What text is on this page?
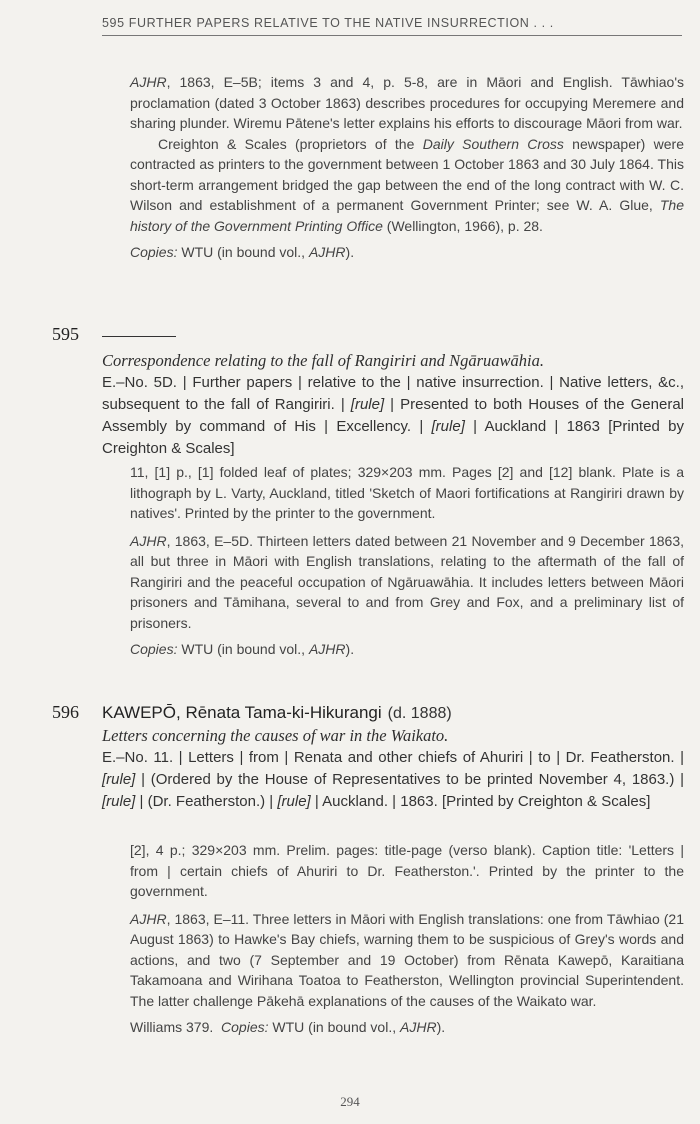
595 FURTHER PAPERS RELATIVE TO THE NATIVE INSURRECTION . . .

AJHR, 1863, E–5B; items 3 and 4, p. 5-8, are in Māori and English. Tāwhiao's proclamation (dated 3 October 1863) describes procedures for occupying Meremere and sharing plunder. Wiremu Pātene's letter explains his efforts to discourage Māori from war.

Creighton & Scales (proprietors of the Daily Southern Cross newspaper) were contracted as printers to the government between 1 October 1863 and 30 July 1864. This short-term arrangement bridged the gap between the end of the long contract with W. C. Wilson and establishment of a permanent Government Printer; see W. A. Glue, The history of the Government Printing Office (Wellington, 1966), p. 28.

Copies: WTU (in bound vol., AJHR).

595

Correspondence relating to the fall of Rangiriri and Ngāruawāhia.

E.–No. 5D. | Further papers | relative to the | native insurrection. | Native letters, &c., subsequent to the fall of Rangiriri. | [rule] | Presented to both Houses of the General Assembly by command of His | Excellency. | [rule] | Auckland | 1863 [Printed by Creighton & Scales]

11, [1] p., [1] folded leaf of plates; 329×203 mm. Pages [2] and [12] blank. Plate is a lithograph by L. Varty, Auckland, titled 'Sketch of Maori fortifications at Rangiriri drawn by natives'. Printed by the printer to the government.

AJHR, 1863, E–5D. Thirteen letters dated between 21 November and 9 December 1863, all but three in Māori with English translations, relating to the aftermath of the fall of Rangiriri and the peaceful occupation of Ngāruawāhia. It includes letters between Māori prisoners and Tāmihana, several to and from Grey and Fox, and a preliminary list of prisoners.

Copies: WTU (in bound vol., AJHR).

596 KAWEPŌ, Rēnata Tama-ki-Hikurangi (d. 1888)

Letters concerning the causes of war in the Waikato.

E.–No. 11. | Letters | from | Renata and other chiefs of Ahuriri | to | Dr. Featherston. | [rule] | (Ordered by the House of Representatives to be printed November 4, 1863.) | [rule] | (Dr. Featherston.) | [rule] | Auckland. | 1863. [Printed by Creighton & Scales]

[2], 4 p.; 329×203 mm. Prelim. pages: title-page (verso blank). Caption title: 'Letters | from | certain chiefs of Ahuriri to Dr. Featherston.'. Printed by the printer to the government.

AJHR, 1863, E–11. Three letters in Māori with English translations: one from Tāwhiao (21 August 1863) to Hawke's Bay chiefs, warning them to be suspicious of Grey's words and actions, and two (7 September and 19 October) from Rēnata Kawepō, Karaitiana Takamoana and Wirihana Toatoa to Featherston, Wellington provincial Superintendent. The latter challenge Pākehā explanations of the causes of the Waikato war.

Williams 379. Copies: WTU (in bound vol., AJHR).

294
